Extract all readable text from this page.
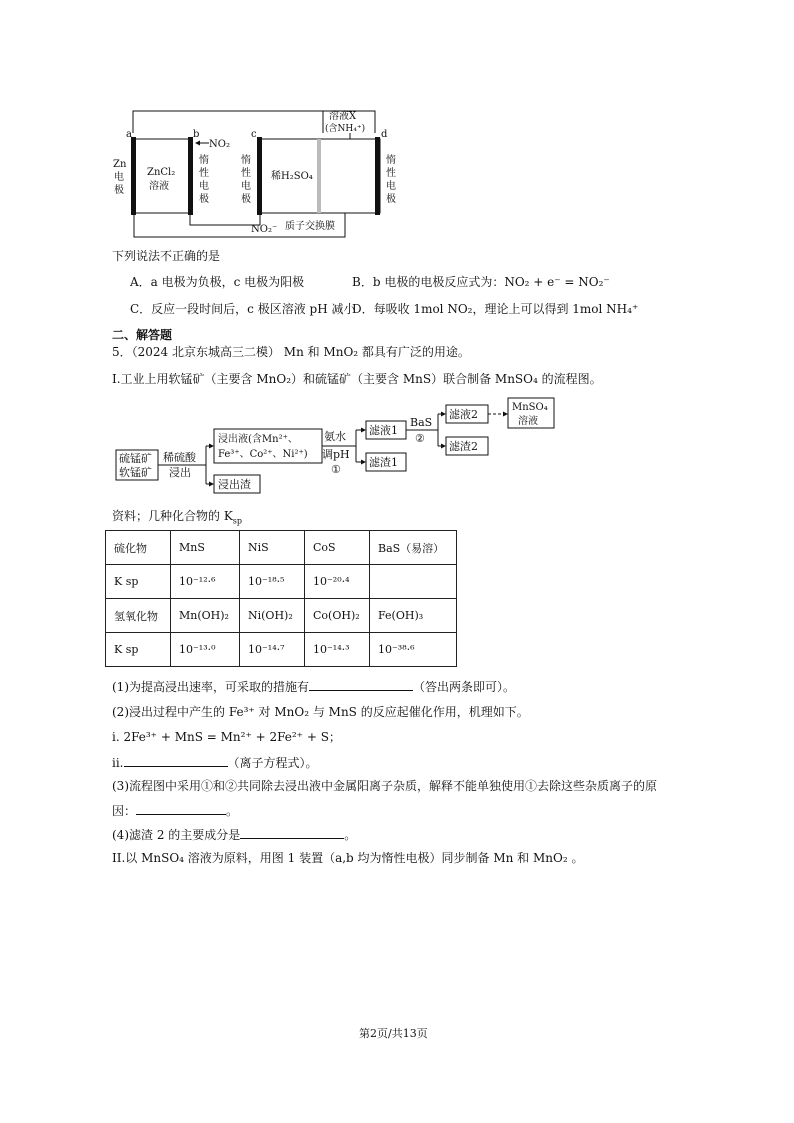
a	b	c	d
溶液X
(含NH₄⁺)
NO₂
Zn
电
极
ZnCl₂
溶液
惰
性
电
极
惰
性
电
极
稀H₂SO₄
惰
性
电
极
NO₂⁻ 质子交换膜
下列说法不正确的是
A．a 电极为负极，c 电极为阳极	B．b 电极的电极反应式为：NO₂ + e⁻ = NO₂⁻
C．反应一段时间后，c 极区溶液 pH 减小
D．每吸收 1mol NO₂，理论上可以得到 1mol NH₄⁺
二、解答题
5．（2024 北京东城高三二模） Mn 和 MnO₂ 都具有广泛的用途。
I.工业上用软锰矿（主要含 MnO₂）和硫锰矿（主要含 MnS）联合制备 MnSO₄ 的流程图。
硫锰矿
软锰矿
稀硫酸
浸出
浸出液(含Mn²⁺、
Fe³⁺、Co²⁺、Ni²⁺)
浸出渣
氨水
调pH
①
滤液1
滤渣1
BaS
②
滤液2
滤渣2
MnSO₄
溶液
资料；几种化合物的 $K_{sp}$
硫化物	MnS	NiS	CoS	BaS（易溶）
K sp	10⁻¹²·⁶	10⁻¹⁸·⁵	10⁻²⁰·⁴	
氢氧化物	Mn(OH)₂	Ni(OH)₂	Co(OH)₂	Fe(OH)₃
K sp	10⁻¹³·⁰	10⁻¹⁴·⁷	10⁻¹⁴·³	10⁻³⁸·⁶
(1)为提高浸出速率，可采取的措施有	（答出两条即可）。
(2)浸出过程中产生的 Fe³⁺ 对 MnO₂ 与 MnS 的反应起催化作用，机理如下。
i. 2Fe³⁺ + MnS = Mn²⁺ + 2Fe²⁺ + S；
ii.	（离子方程式）。
(3)流程图中采用①和②共同除去浸出液中金属阳离子杂质，解释不能单独使用①去除这些杂质离子的原
因：	。
(4)滤渣 2 的主要成分是	。
II.以 MnSO₄ 溶液为原料，用图 1 装置（a,b 均为惰性电极）同步制备 Mn 和 MnO₂ 。
第2页/共13页
